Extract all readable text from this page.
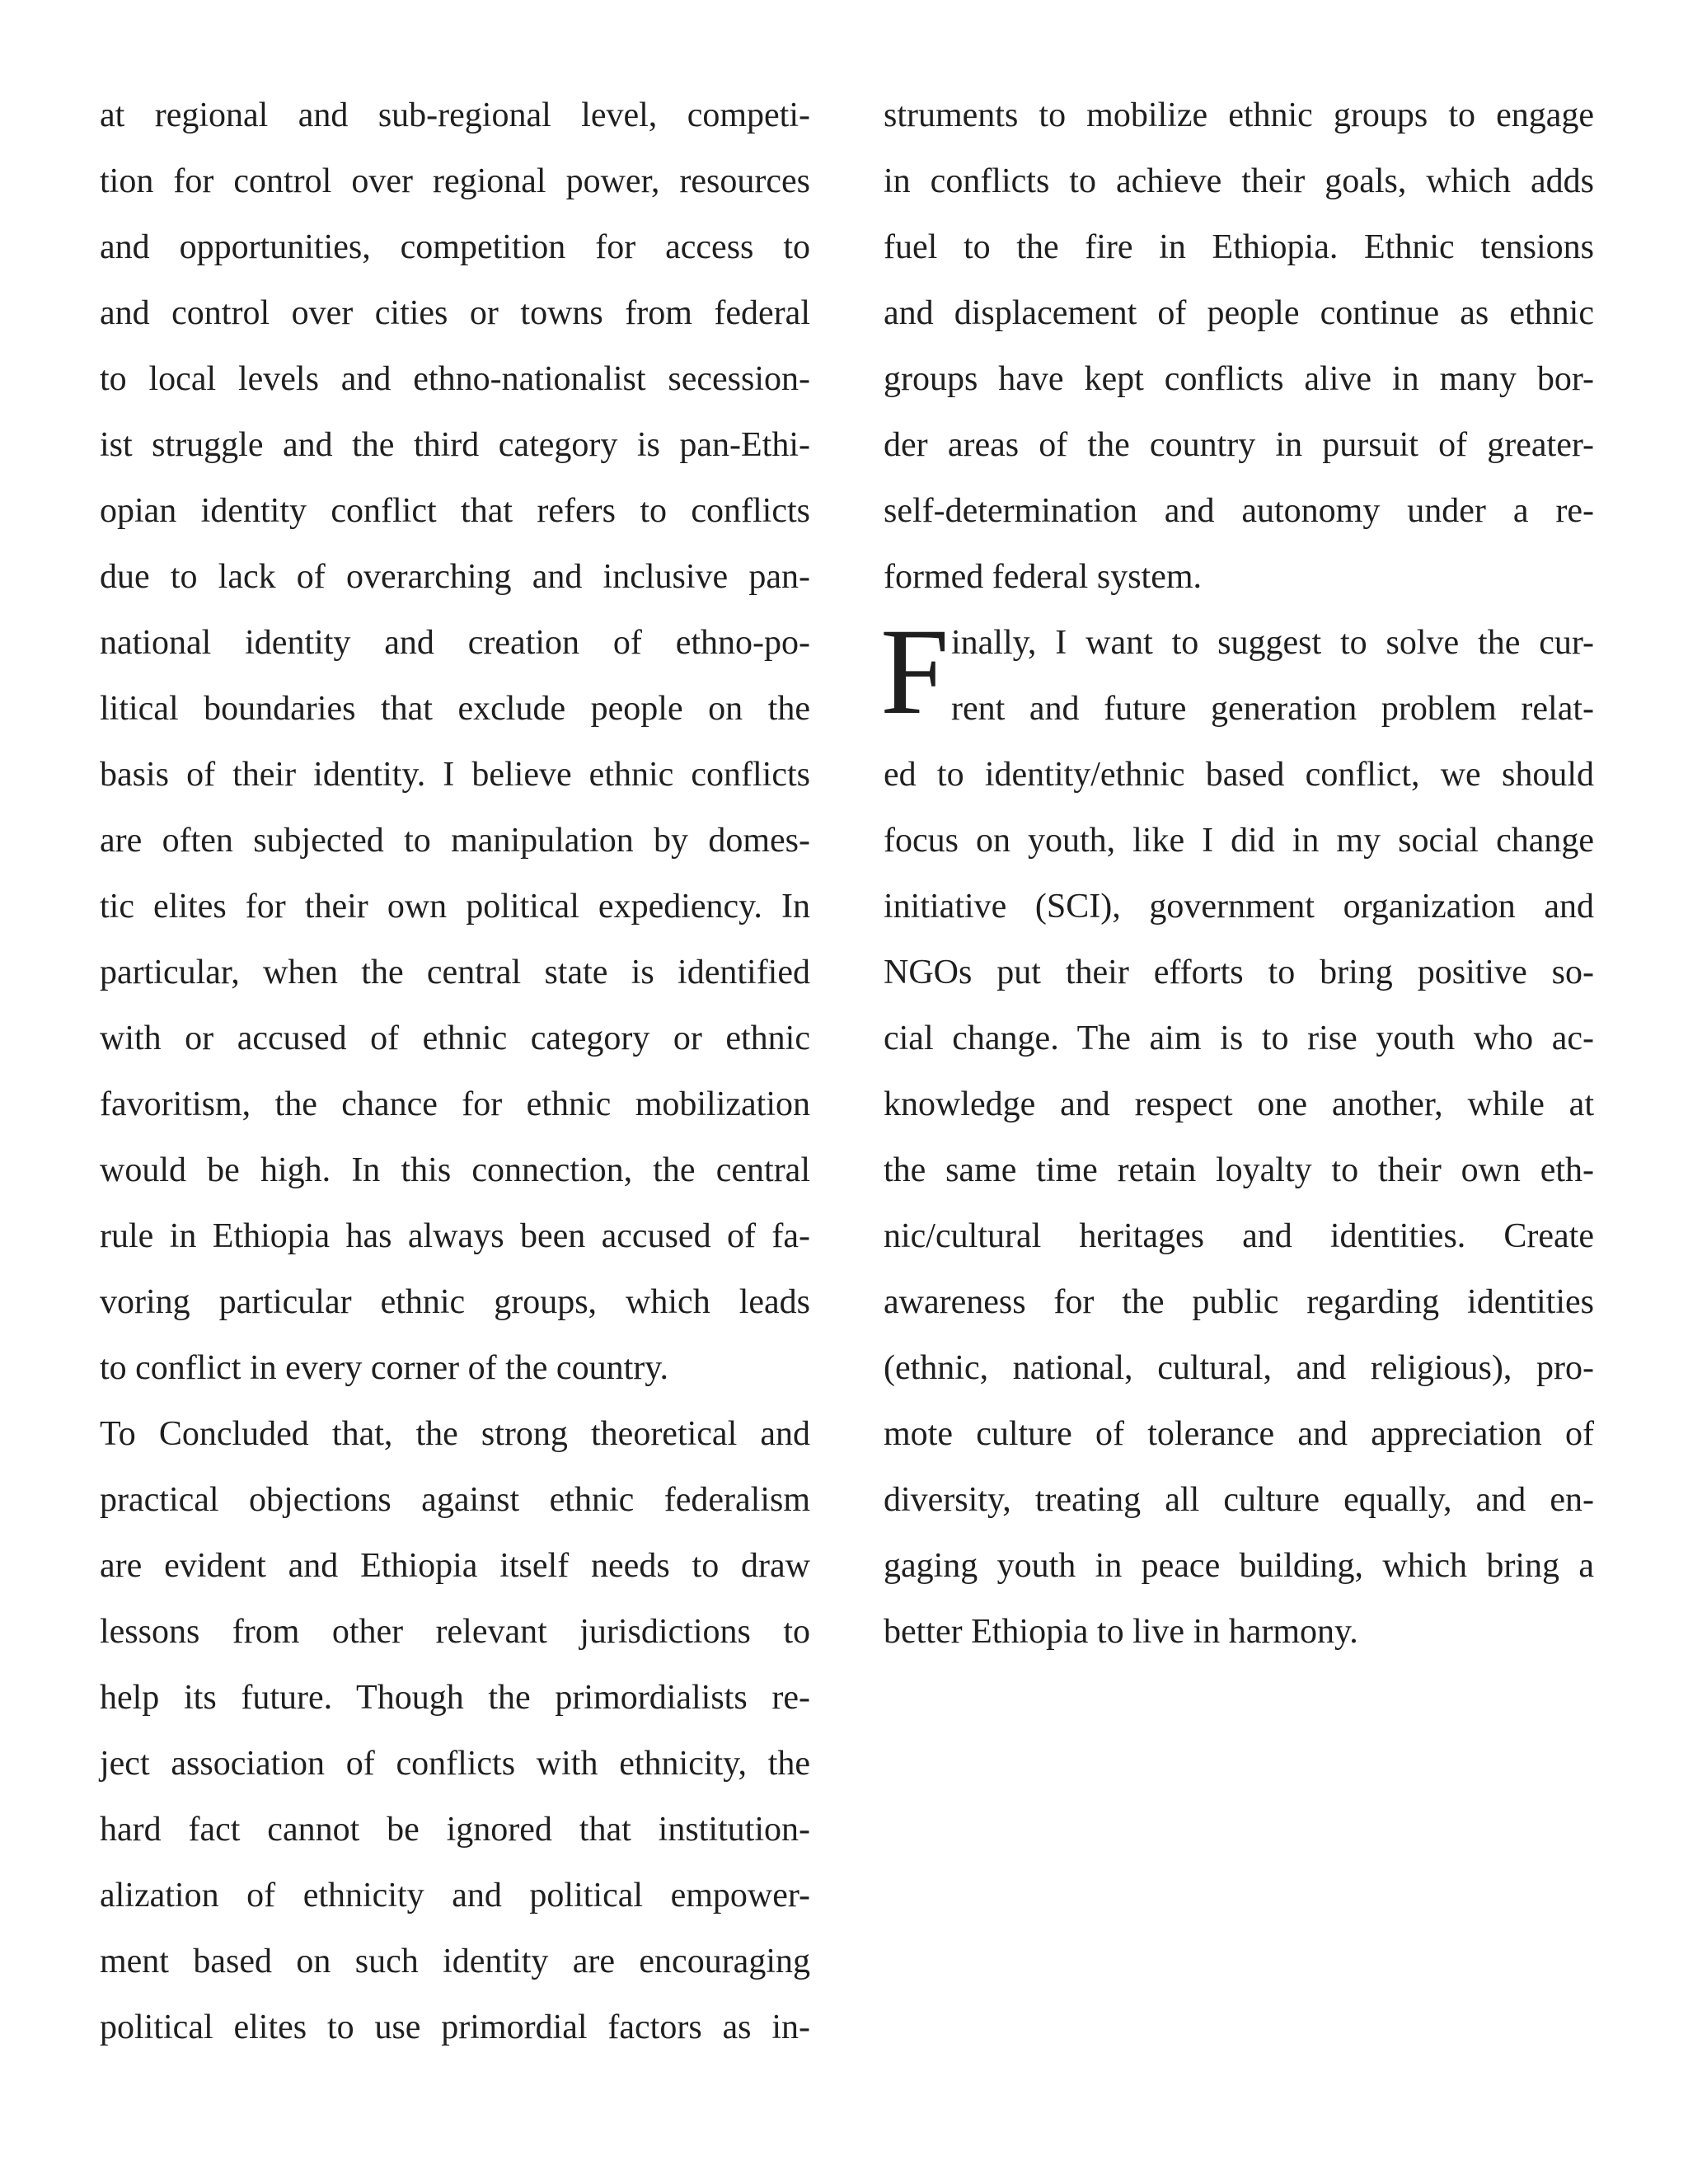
at regional and sub-regional level, competi-
tion for control over regional power, resources
and opportunities, competition for access to
and control over cities or towns from federal
to local levels and ethno-nationalist secession-
ist struggle and the third category is pan-Ethi-
opian identity conflict that refers to conflicts
due to lack of overarching and inclusive pan-
national identity and creation of ethno-po-
litical boundaries that exclude people on the
basis of their identity. I believe ethnic conflicts
are often subjected to manipulation by domes-
tic elites for their own political expediency. In
particular, when the central state is identified
with or accused of ethnic category or ethnic
favoritism, the chance for ethnic mobilization
would be high. In this connection, the central
rule in Ethiopia has always been accused of fa-
voring particular ethnic groups, which leads
to conflict in every corner of the country.
To Concluded that, the strong theoretical and
practical objections against ethnic federalism
are evident and Ethiopia itself needs to draw
lessons from other relevant jurisdictions to
help its future. Though the primordialists re-
ject association of conflicts with ethnicity, the
hard fact cannot be ignored that institution-
alization of ethnicity and political empower-
ment based on such identity are encouraging
political elites to use primordial factors as in-
struments to mobilize ethnic groups to engage
in conflicts to achieve their goals, which adds
fuel to the fire in Ethiopia. Ethnic tensions
and displacement of people continue as ethnic
groups have kept conflicts alive in many bor-
der areas of the country in pursuit of greater-
self-determination and autonomy under a re-
formed federal system.
F inally, I want to suggest to solve the cur-
rent and future generation problem relat-
ed to identity/ethnic based conflict, we should
focus on youth, like I did in my social change
initiative (SCI), government organization and
NGOs put their efforts to bring positive so-
cial change. The aim is to rise youth who ac-
knowledge and respect one another, while at
the same time retain loyalty to their own eth-
nic/cultural heritages and identities. Create
awareness for the public regarding identities
(ethnic, national, cultural, and religious), pro-
mote culture of tolerance and appreciation of
diversity, treating all culture equally, and en-
gaging youth in peace building, which bring a
better Ethiopia to live in harmony.
